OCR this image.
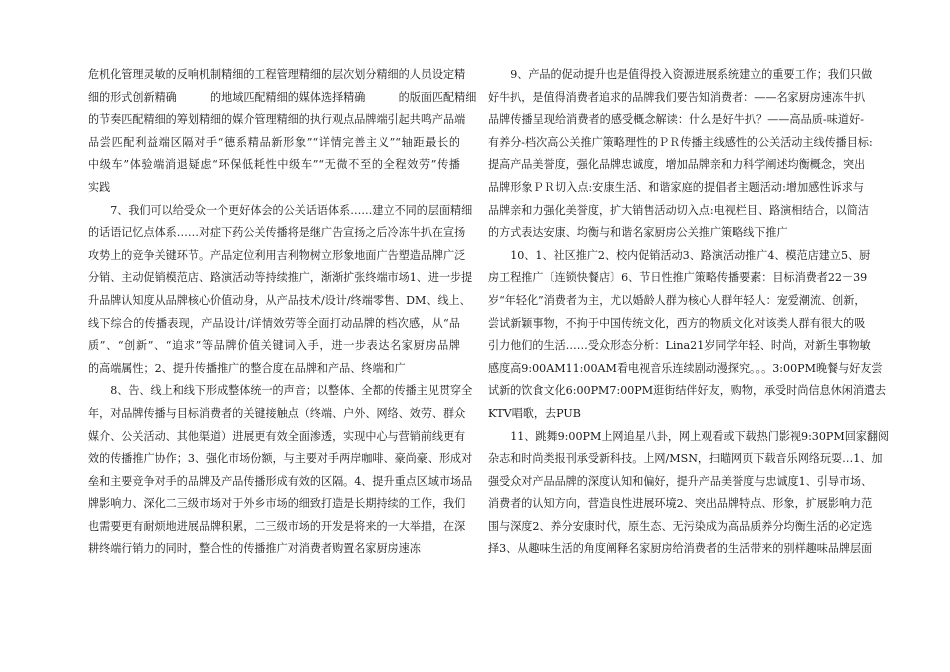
危机化管理灵敏的反响机制精细的工程管理精细的层次划分精细的人员设定精
细的形式创新精确　　　的地域匹配精细的媒体选择精确　　　的版面匹配精细
的节奏匹配精细的筹划精细的媒介管理精细的执行观点品牌端引起共鸣产品端
品尝匹配利益端区隔对手“德系精品新形象”“详情完善主义”“轴距最长的
中级车”体验端消退疑虑“环保低耗性中级车”“无微不至的全程效劳”传播
实践
　　7、我们可以给受众一个更好体会的公关话语体系……建立不同的层面精细
的话语记忆点体系……对症下药公关传播将是继广告宣扬之后冷冻牛扒在宣扬
攻势上的竞争关键环节。产品定位利用吉利物树立形象地面广告塑造品牌广泛
分销、主动促销模范店、路演活动等持续推广，渐渐扩张终端市场1、进一步提
升品牌认知度从品牌核心价值动身，从产品技术/设计/终端零售、DM、线上、
线下综合的传播表现，产品设计/详情效劳等全面打动品牌的档次感，从“品
质”、“创新”、“追求”等品牌价值关键词入手，进一步表达名家厨房品牌
的高端属性；2、提升传播推广的整合度在品牌和产品、终端和广
　　8、告、线上和线下形成整体统一的声音；以整体、全都的传播主见贯穿全
年，对品牌传播与目标消费者的关键接触点（终端、户外、网络、效劳、群众
媒介、公关活动、其他渠道）进展更有效全面渗透，实现中心与营销前线更有
效的传播推广协作；3、强化市场份额，与主要对手两岸咖啡、豪尚豪、形成对
垒和主要竞争对手的品牌及产品传播形成有效的区隔。4、提升重点区域市场品
牌影响力、深化二三级市场对于外乡市场的细致打造是长期持续的工作，我们
也需要更有耐烦地进展品牌积累，二三级市场的开发是将来的一大举措，在深
耕终端行销力的同时，整合性的传播推广对消费者购置名家厨房速冻
　　9、产品的促动提升也是值得投入资源进展系统建立的重要工作；我们只做
好牛扒，是值得消费者追求的品牌我们要告知消费者：——名家厨房速冻牛扒
品牌传播呈现给消费者的感受概念解读：什么是好牛扒？——高品质-味道好-
有养分-档次高公关推广策略理性的ＰＲ传播主线感性的公关活动主线传播目标:
提高产品美誉度，强化品牌忠诚度，增加品牌亲和力科学阐述均衡概念，突出
品牌形象ＰＲ切入点:安康生活、和谐家庭的提倡者主题活动:增加感性诉求与
品牌亲和力强化美誉度，扩大销售活动切入点:电视栏目、路演相结合，以简洁
的方式表达安康、均衡与和谐名家厨房公关推广策略线下推广
　　10、1、社区推广2、校内促销活动3、路演活动推广4、模范店建立5、厨
房工程推广〔连锁快餐店〕6、节日性推广策略传播要素：目标消费者22－39
岁“年轻化”消费者为主，尤以婚龄人群为核心人群年轻人：宠爱潮流、创新，
尝试新颖事物，不拘于中国传统文化，西方的物质文化对该类人群有很大的吸
引力他们的生活……受众形态分析：Lina21岁同学年轻、时尚，对新生事物敏
感度高9:00AM11:00AM看电视音乐连续剧动漫探究。。。3:00PM晚餐与好友尝
试新的饮食文化6:00PM7:00PM逛街结伴好友，购物，承受时尚信息休闲消遣去
KTV唱歌，去PUB
　　11、跳舞9:00PM上网追星八卦，网上观看或下载热门影视9:30PM回家翻阅
杂志和时尚类报刊承受新科技。上网/MSN，扫瞄网页下载音乐网络玩耍…1、加
强受众对产品品牌的深度认知和偏好，提升产品美誉度与忠诚度1、引导市场、
消费者的认知方向，营造良性进展环境2、突出品牌特点、形象，扩展影响力范
围与深度2、养分安康时代，原生态、无污染成为高品质养分均衡生活的必定选
择3、从趣味生活的角度阐释名家厨房给消费者的生活带来的别样趣味品牌层面
